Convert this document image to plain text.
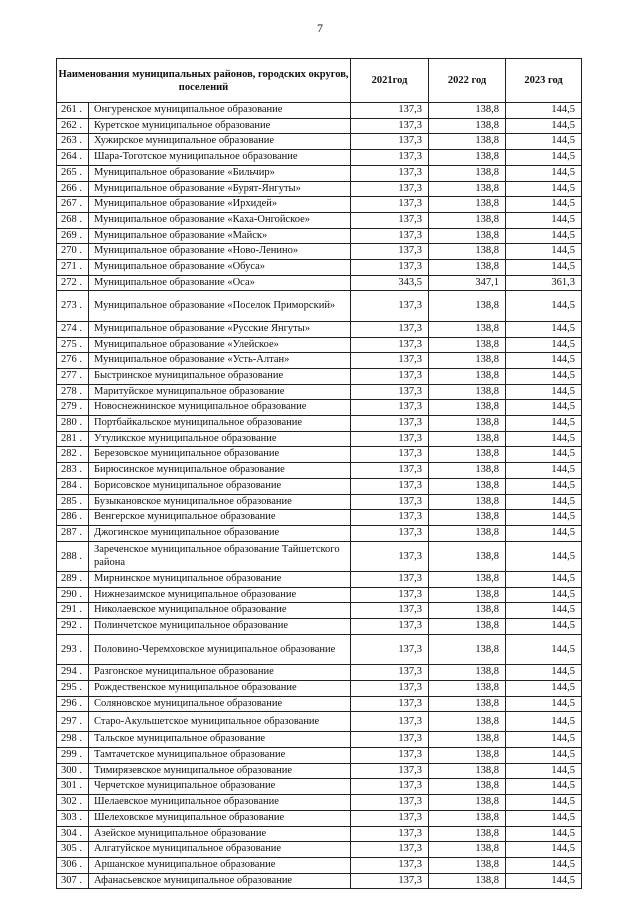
7
Наименования муниципальных районов, городских округов, поселений		2021год	2022 год	2023 год
261 .	Онгуренское муниципальное образование	137,3	138,8	144,5
262 .	Куретское муниципальное образование	137,3	138,8	144,5
263 .	Хужирское муниципальное образование	137,3	138,8	144,5
264 .	Шара-Тоготское муниципальное образование	137,3	138,8	144,5
265 .	Муниципальное образование «Бильчир»	137,3	138,8	144,5
266 .	Муниципальное образование «Бурят-Янгуты»	137,3	138,8	144,5
267 .	Муниципальное образование «Ирхидей»	137,3	138,8	144,5
268 .	Муниципальное образование «Каха-Онгойское»	137,3	138,8	144,5
269 .	Муниципальное образование «Майск»	137,3	138,8	144,5
270 .	Муниципальное образование «Ново-Ленино»	137,3	138,8	144,5
271 .	Муниципальное образование «Обуса»	137,3	138,8	144,5
272 .	Муниципальное образование «Оса»	343,5	347,1	361,3
273 .	Муниципальное образование «Поселок Приморский»	137,3	138,8	144,5
274 .	Муниципальное образование «Русские Янгуты»	137,3	138,8	144,5
275 .	Муниципальное образование «Улейское»	137,3	138,8	144,5
276 .	Муниципальное образование «Усть-Алтан»	137,3	138,8	144,5
277 .	Быстринское муниципальное образование	137,3	138,8	144,5
278 .	Маритуйское муниципальное образование	137,3	138,8	144,5
279 .	Новоснежнинское муниципальное образование	137,3	138,8	144,5
280 .	Портбайкальское муниципальное образование	137,3	138,8	144,5
281 .	Утуликское муниципальное образование	137,3	138,8	144,5
282 .	Березовское муниципальное образование	137,3	138,8	144,5
283 .	Бирюсинское муниципальное образование	137,3	138,8	144,5
284 .	Борисовское муниципальное образование	137,3	138,8	144,5
285 .	Бузыкановское муниципальное образование	137,3	138,8	144,5
286 .	Венгерское муниципальное образование	137,3	138,8	144,5
287 .	Джогинское муниципальное образование	137,3	138,8	144,5
288 .	Зареченское муниципальное образование Тайшетского района	137,3	138,8	144,5
289 .	Мирнинское муниципальное образование	137,3	138,8	144,5
290 .	Нижнезаимское муниципальное образование	137,3	138,8	144,5
291 .	Николаевское муниципальное образование	137,3	138,8	144,5
292 .	Полинчетское муниципальное образование	137,3	138,8	144,5
293 .	Половино-Черемховское муниципальное образование	137,3	138,8	144,5
294 .	Разгонское муниципальное образование	137,3	138,8	144,5
295 .	Рождественское муниципальное образование	137,3	138,8	144,5
296 .	Соляновское муниципальное образование	137,3	138,8	144,5
297 .	Старо-Акульшетское муниципальное образование	137,3	138,8	144,5
298 .	Тальское муниципальное образование	137,3	138,8	144,5
299 .	Тамтачетское муниципальное образование	137,3	138,8	144,5
300 .	Тимирязевское муниципальное образование	137,3	138,8	144,5
301 .	Черчетское муниципальное образование	137,3	138,8	144,5
302 .	Шелаевское муниципальное образование	137,3	138,8	144,5
303 .	Шелеховское муниципальное образование	137,3	138,8	144,5
304 .	Азейское муниципальное образование	137,3	138,8	144,5
305 .	Алгатуйское муниципальное образование	137,3	138,8	144,5
306 .	Аршанское муниципальное образование	137,3	138,8	144,5
307 .	Афанасьевское муниципальное образование	137,3	138,8	144,5
